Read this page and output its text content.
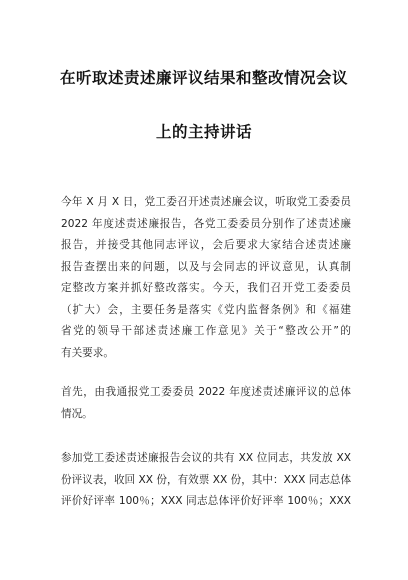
在听取述责述廉评议结果和整改情况会议
上的主持讲话
今年 X 月 X 日，党工委召开述责述廉会议，听取党工委委员
2022 年度述责述廉报告，各党工委委员分别作了述责述廉
报告，并接受其他同志评议，会后要求大家结合述责述廉
报告查摆出来的问题，以及与会同志的评议意见，认真制
定整改方案并抓好整改落实。今天，我们召开党工委委员
（扩大）会，主要任务是落实《党内监督条例》和《福建
省党的领导干部述责述廉工作意见》关于“整改公开”的
有关要求。
首先，由我通报党工委委员 2022 年度述责述廉评议的总体
情况。
参加党工委述责述廉报告会议的共有 XX 位同志，共发放 XX
份评议表，收回 XX 份，有效票 XX 份，其中：XXX 同志总体
评价好评率 100％；XXX 同志总体评价好评率 100％；XXX
